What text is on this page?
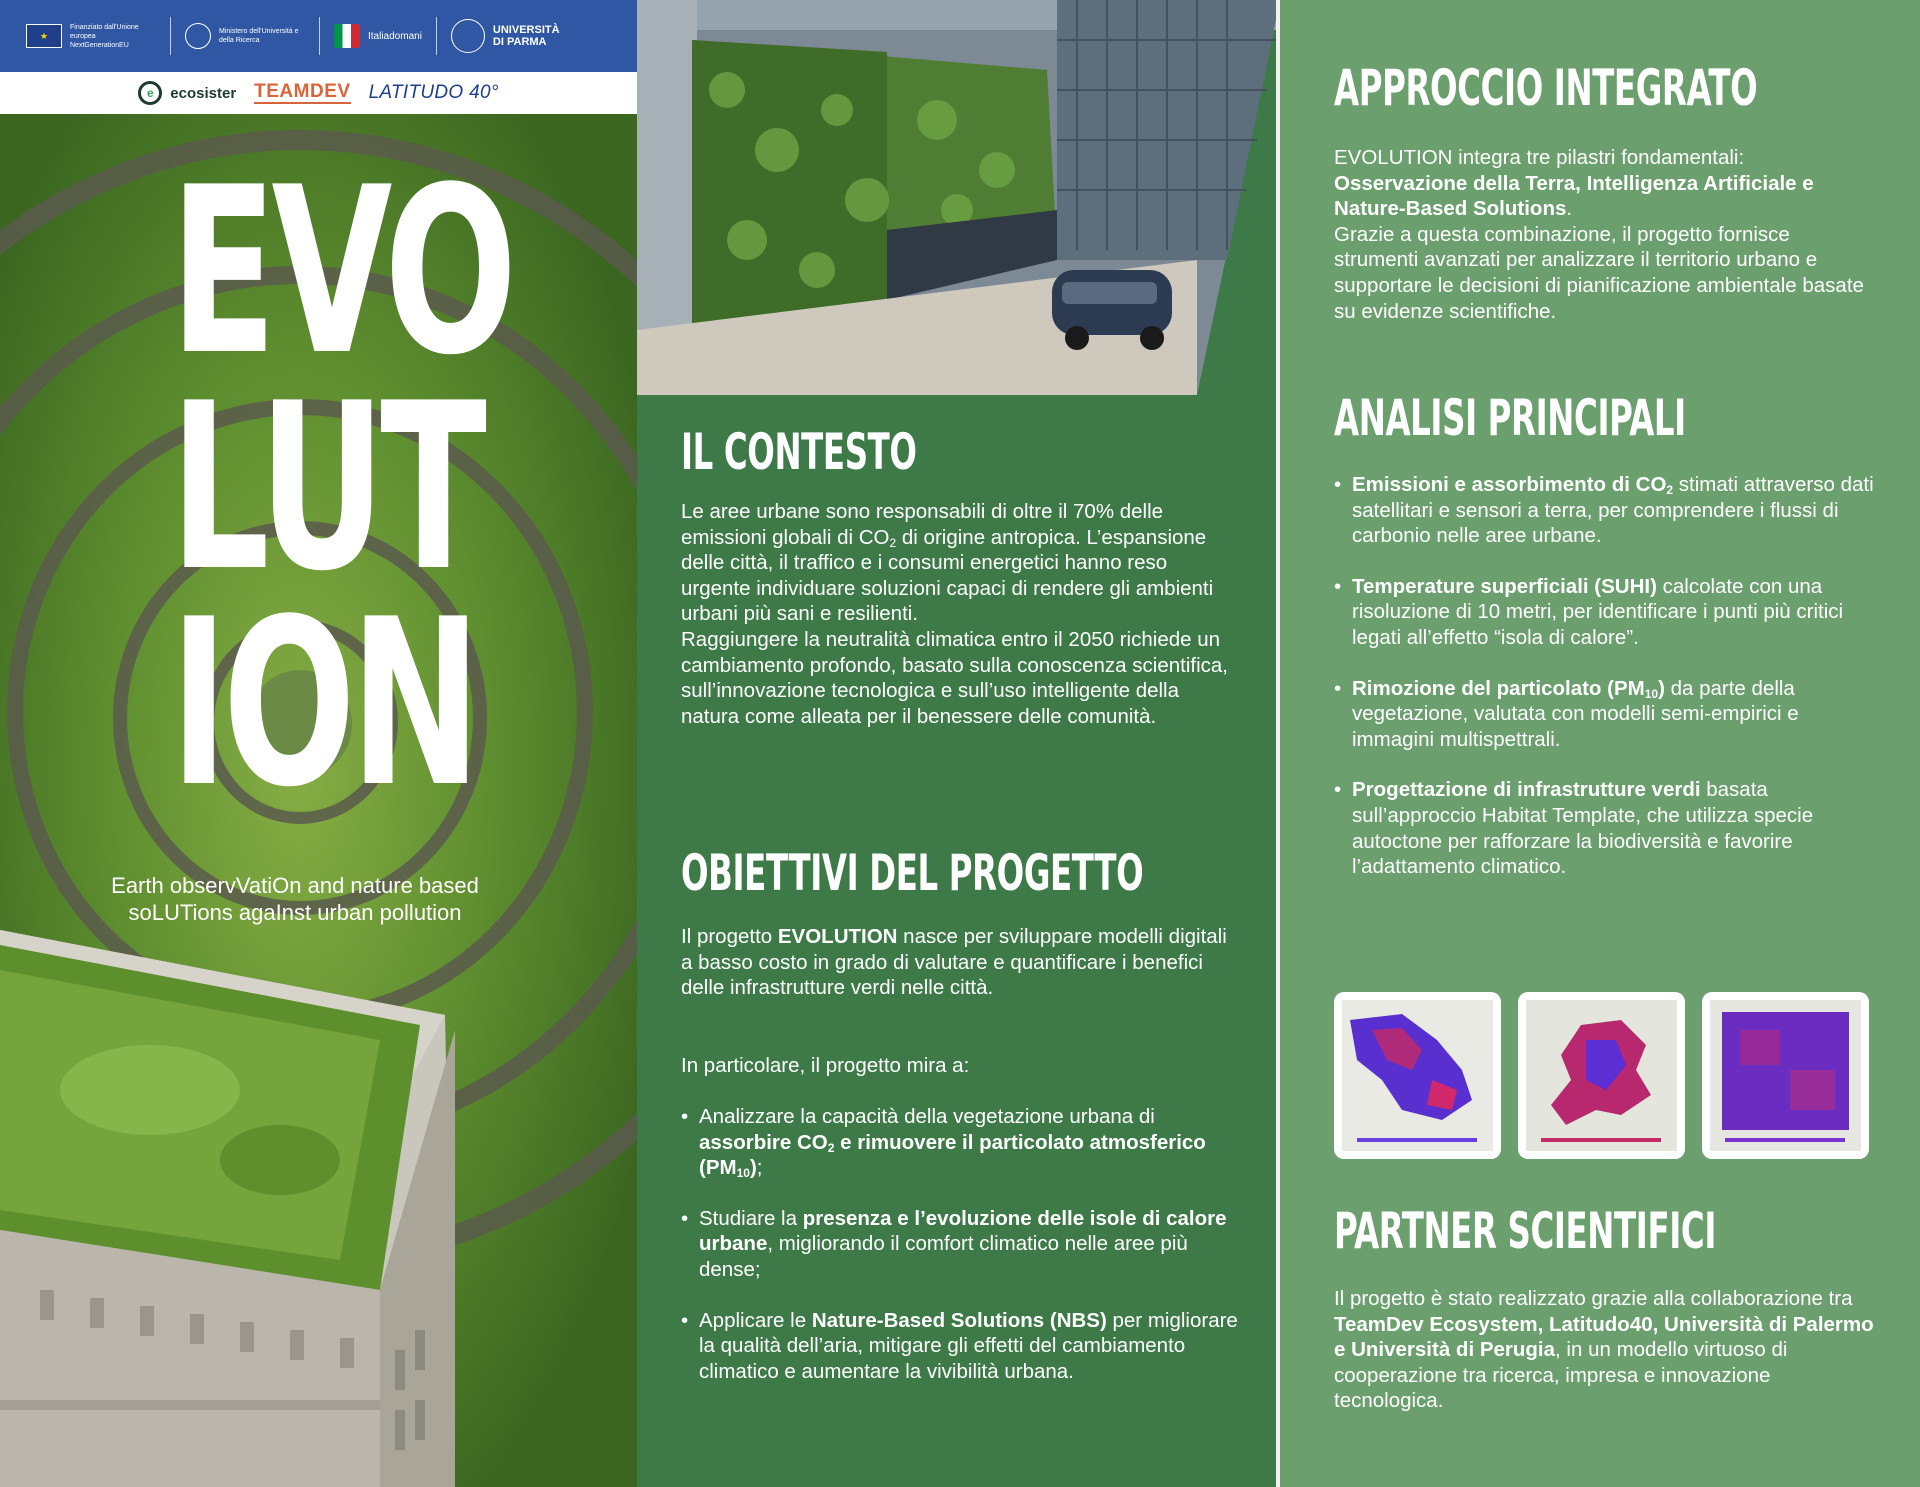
★
Finanziato dall'Unione europea NextGenerationEU
Ministero dell'Università e della Ricerca	Italiadomani	UNIVERSITÀ DI PARMA
e	ecosister TEAMDEV LATITUDO 40°
EVO
LUT
ION
Earth observVatiOn and nature based
soLUTions agaInst urban pollution
IL CONTESTO

Le aree urbane sono responsabili di oltre il 70% delle emissioni globali di $CO_2$ di origine antropica. L’espansione delle città, il traffico e i consumi energetici hanno reso urgente individuare soluzioni capaci di rendere gli ambienti urbani più sani e resilienti.

Raggiungere la neutralità climatica entro il 2050 richiede un cambiamento profondo, basato sulla conoscenza scientifica, sull’innovazione tecnologica e sull’uso intelligente della natura come alleata per il benessere delle comunità.

OBIETTIVI DEL PROGETTO

Il progetto EVOLUTION nasce per sviluppare modelli digitali a basso costo in grado di valutare e quantificare i benefici delle infrastrutture verdi nelle città.

In particolare, il progetto mira a:
• Analizzare la capacità della vegetazione urbana di assorbire $CO_2$ e rimuovere il particolato atmosferico $(PM_{10})$;
• Studiare la presenza e l’evoluzione delle isole di calore urbane, migliorando il comfort climatico nelle aree più dense;
• Applicare le Nature-Based Solutions (NBS) per migliorare la qualità dell’aria, mitigare gli effetti del cambiamento climatico e aumentare la vivibilità urbana.
APPROCCIO INTEGRATO

EVOLUTION integra tre pilastri fondamentali: Osservazione della Terra, Intelligenza Artificiale e Nature-Based Solutions.

Grazie a questa combinazione, il progetto fornisce strumenti avanzati per analizzare il territorio urbano e supportare le decisioni di pianificazione ambientale basate su evidenze scientifiche.

ANALISI PRINCIPALI
• Emissioni e assorbimento di $CO_2$ stimati attraverso dati satellitari e sensori a terra, per comprendere i flussi di carbonio nelle aree urbane.
• Temperature superficiali (SUHI) calcolate con una risoluzione di 10 metri, per identificare i punti più critici legati all’effetto “isola di calore”.
• Rimozione del particolato $(PM_{10})$ da parte della vegetazione, valutata con modelli semi-empirici e immagini multispettrali.
• Progettazione di infrastrutture verdi basata sull’approccio Habitat Template, che utilizza specie autoctone per rafforzare la biodiversità e favorire l’adattamento climatico.
PARTNER SCIENTIFICI

Il progetto è stato realizzato grazie alla collaborazione tra TeamDev Ecosystem, Latitudo40, Università di Palermo e Università di Perugia, in un modello virtuoso di cooperazione tra ricerca, impresa e innovazione tecnologica.
